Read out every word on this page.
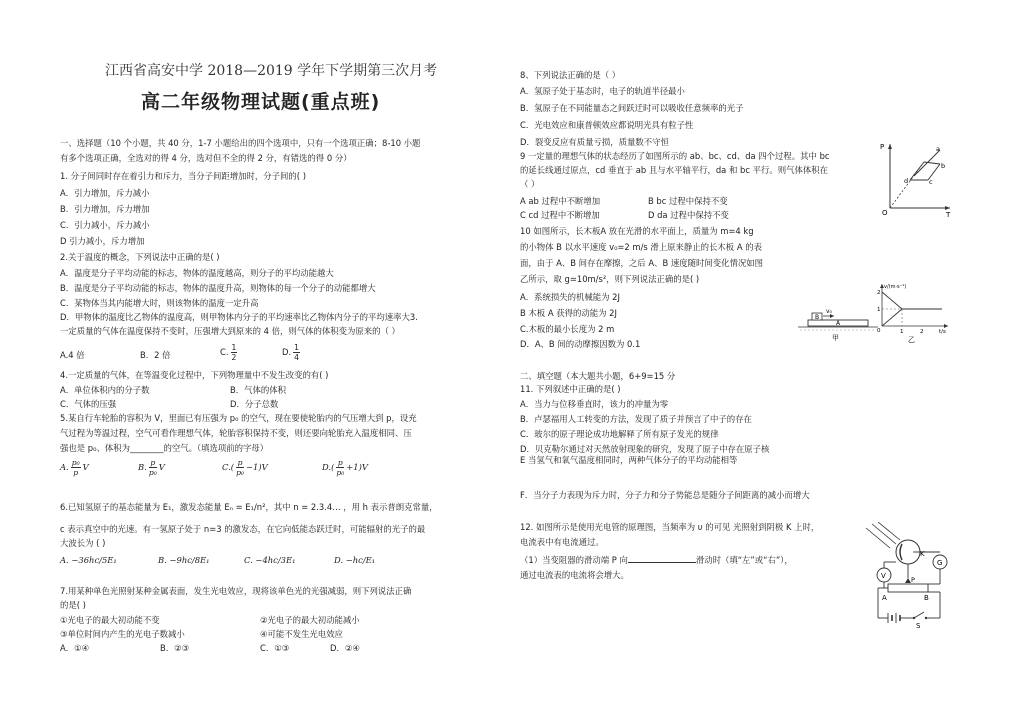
江西省高安中学 2018—2019 学年下学期第三次月考
高二年级物理试题(重点班)
一、选择题（10 个小题，共 40 分，1-7 小题给出的四个选项中，只有一个选项正确；8-10 小题
有多个选项正确，全选对的得 4 分，选对但不全的得 2 分，有错选的得 0 分）
1. 分子间同时存在着引力和斥力，当分子间距增加时，分子间的( )
A．引力增加，斥力减小
B．引力增加，斥力增加
C．引力减小，斥力减小
D 引力减小，斥力增加
2.关于温度的概念，下列说法中正确的是( )
A．温度是分子平均动能的标志，物体的温度越高，则分子的平均动能越大
B．温度是分子平均动能的标志，物体的温度升高，则物体的每一个分子的动能都增大
C．某物体当其内能增大时，则该物体的温度一定升高
D．甲物体的温度比乙物体的温度高，则甲物体内分子的平均速率比乙物体内分子的平均速率大3.
一定质量的气体在温度保持不变时，压强增大到原来的 4 倍，则气体的体积变为原来的（ ）
A.4 倍	B．2 倍	C. $\frac{1}{2}$	D. $\frac{1}{4}$
4.一定质量的气体，在等温变化过程中，下列物理量中不发生改变的有( )
A．单位体积内的分子数	B．气体的体积
C．气体的压强	D．分子总数
5.某自行车轮胎的容积为 V，里面已有压强为 p₀ 的空气，现在要使轮胎内的气压增大到 p，设充
气过程为等温过程，空气可看作理想气体，轮胎容积保持不变，则还要向轮胎充入温度相同、压
强也是 p₀、体积为________的空气。（填选项前的字母）
A. $\frac{\text{p₀}}{p}$ V	B. $\frac{p}{\text{p₀}}$ V	$C.( \frac{p}{\text{p₀}} -1)V$	$D.( \frac{p}{\text{p₀}} +1)V$
6.已知氢原子的基态能量为 E₁，激发态能量 Eₙ = E₁/n²，其中 n = 2.3.4… ，用 h 表示普朗克常量，
c 表示真空中的光速。有一氢原子处于 n=3 的激发态，在它向低能态跃迁时，可能辐射的光子的最
大波长为 ( )
A. −36hc/5E₁	B. −9hc/8E₁	C. −4hc/3E₁	D. −hc/E₁
7.用某种单色光照射某种金属表面，发生光电效应，现将该单色光的光强减弱，则下列说法正确
的是( )
①光电子的最大初动能不变	②光电子的最大初动能减小
③单位时间内产生的光电子数减小	④可能不发生光电效应
A．①④	B．②③	C．①③	D．②④
8、下列说法正确的是（ ）
A．氢原子处于基态时，电子的轨道半径最小
B．氢原子在不同能量态之间跃迁时可以吸收任意频率的光子
C．光电效应和康普顿效应都说明光具有粒子性
D．裂变反应有质量亏损，质量数不守恒
9 一定量的理想气体的状态经历了如图所示的 ab、bc、cd、da 四个过程。其中 bc
的延长线通过原点，cd 垂直于 ab 且与水平轴平行，da 和 bc 平行。则气体体积在
（ ）
A ab 过程中不断增加	B bc 过程中保持不变
C cd 过程中不断增加	D da 过程中保持不变
10 如图所示，长木板A 放在光滑的水平面上，质量为 m=4 kg
的小物体 B 以水平速度 v₀=2 m/s 滑上原来静止的长木板 A 的表
面，由于 A、B 间存在摩擦，之后 A、B 速度随时间变化情况如图
乙所示，取 g=10m/s²，则下列说法正确的是( )
A．系统损失的机械能为 2J
B 木板 A 获得的动能为 2J
C.木板的最小长度为 2 m
D．A、B 间的动摩擦因数为 0.1
二、填空题（本大题共小题，6+9=15 分
11. 下列叙述中正确的是( )
A．当力与位移垂直时，该力的冲量为零
B．卢瑟福用人工转变的方法，发现了质子并预言了中子的存在
C．玻尔的原子理论成功地解释了所有原子发光的规律
D．贝克勒尔通过对天然放射现象的研究，发现了原子中存在原子核
E 当氢气和氧气温度相同时，两种气体分子的平均动能相等
F．当分子力表现为斥力时，分子力和分子势能总是随分子间距离的减小而增大
12. 如图所示是使用光电管的原理图，当频率为 υ 的可见 光照射到阴极 K 上时，
电流表中有电流通过。
（1）当变阻器的滑动端 P 向	滑动时（填“左”或“右”），
通过电流表的电流将会增大。
P
T
O
a
b
c
d
B
A
v₀
甲
v/(m·s⁻¹)
2
1
0	1	2	t/s
乙
K
G
V	P
A	B
S
